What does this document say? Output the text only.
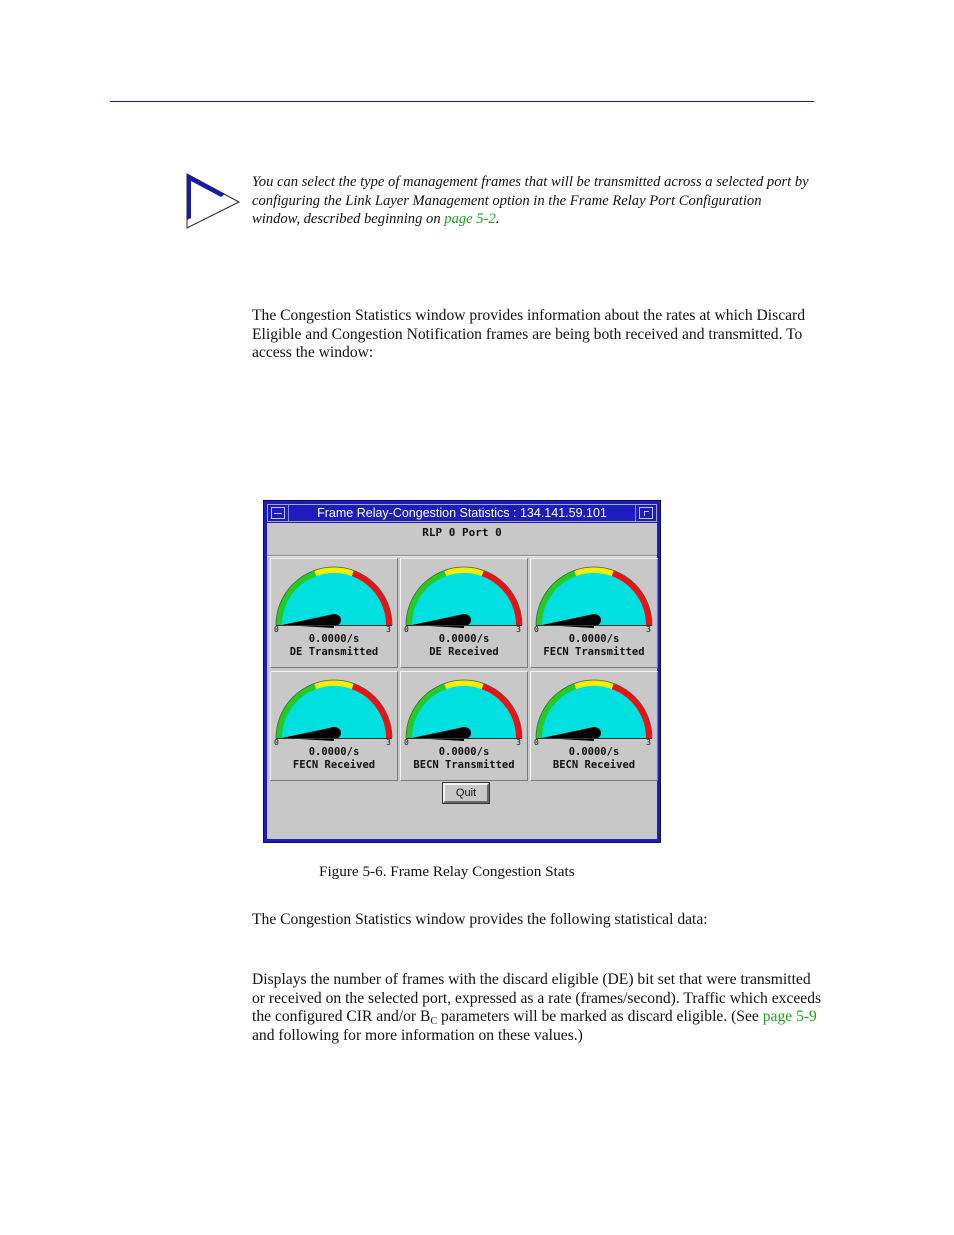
You can select the type of management frames that will be transmitted across a selected port by configuring the Link Layer Management option in the Frame Relay Port Configuration window, described beginning on page 5-2.
The Congestion Statistics window provides information about the rates at which Discard Eligible and Congestion Notification frames are being both received and transmitted. To access the window:
Frame Relay-Congestion Statistics : 134.141.59.101
RLP 0 Port 0
0	3
0.0000/s
DE Transmitted
0	3
0.0000/s
DE Received
0	3
0.0000/s
FECN Transmitted
0	3
0.0000/s
FECN Received
0	3
0.0000/s
BECN Transmitted
0	3
0.0000/s
BECN Received
Quit
Figure 5-6. Frame Relay Congestion Stats
The Congestion Statistics window provides the following statistical data:
Displays the number of frames with the discard eligible (DE) bit set that were transmitted or received on the selected port, expressed as a rate (frames/second). Traffic which exceeds the configured CIR and/or $B_C$ parameters will be marked as discard eligible. (See page 5-9 and following for more information on these values.)
